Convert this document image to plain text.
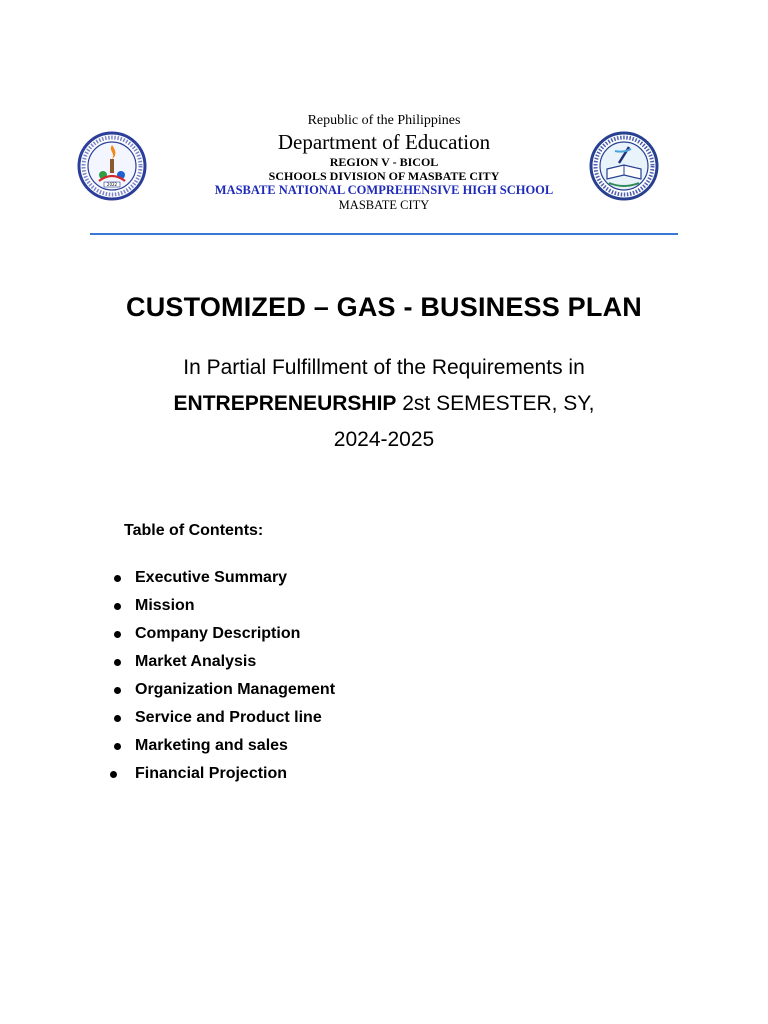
2022
Republic of the Philippines
Department of Education
REGION V - BICOL
SCHOOLS DIVISION OF MASBATE CITY
MASBATE NATIONAL COMPREHENSIVE HIGH SCHOOL
MASBATE CITY
CUSTOMIZED – GAS - BUSINESS PLAN
In Partial Fulfillment of the Requirements in
ENTREPRENEURSHIP 2st SEMESTER, SY,
2024-2025
Table of Contents:
Executive Summary
Mission
Company Description
Market Analysis
Organization Management
Service and Product line
Marketing and sales
Financial Projection
